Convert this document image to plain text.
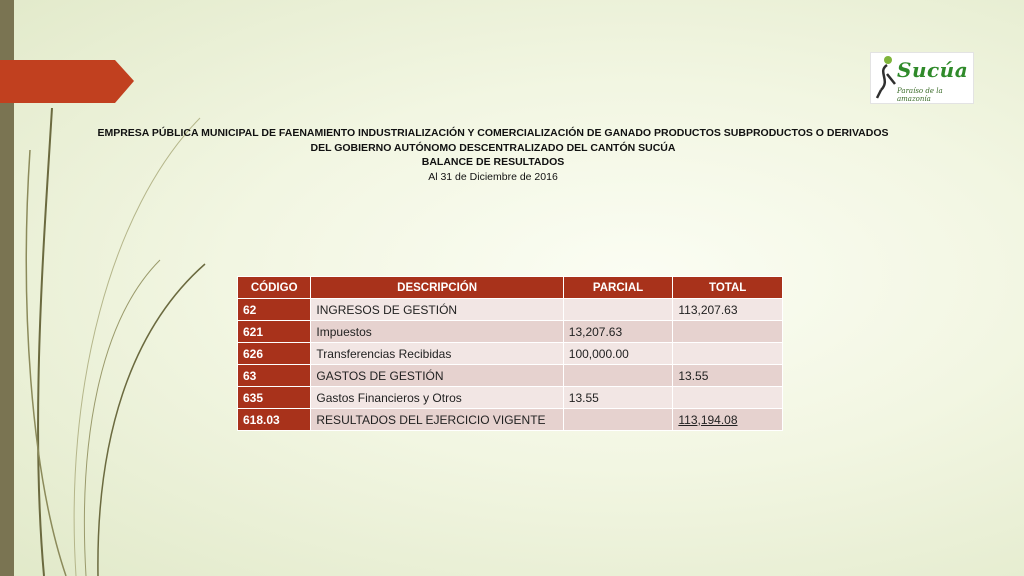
Sucúa
Paraíso de la amazonía
EMPRESA PÚBLICA MUNICIPAL DE FAENAMIENTO INDUSTRIALIZACIÓN Y COMERCIALIZACIÓN DE GANADO PRODUCTOS SUBPRODUCTOS O DERIVADOS
DEL GOBIERNO AUTÓNOMO DESCENTRALIZADO DEL CANTÓN SUCÚA
BALANCE DE RESULTADOS
Al 31 de Diciembre de 2016
CÓDIGO	DESCRIPCIÓN	PARCIAL	TOTAL
62	INGRESOS DE GESTIÓN		113,207.63
621	Impuestos	13,207.63	
626	Transferencias Recibidas	100,000.00	
63	GASTOS DE GESTIÓN		13.55
635	Gastos Financieros y Otros	13.55	
618.03	RESULTADOS DEL EJERCICIO VIGENTE		113,194.08
